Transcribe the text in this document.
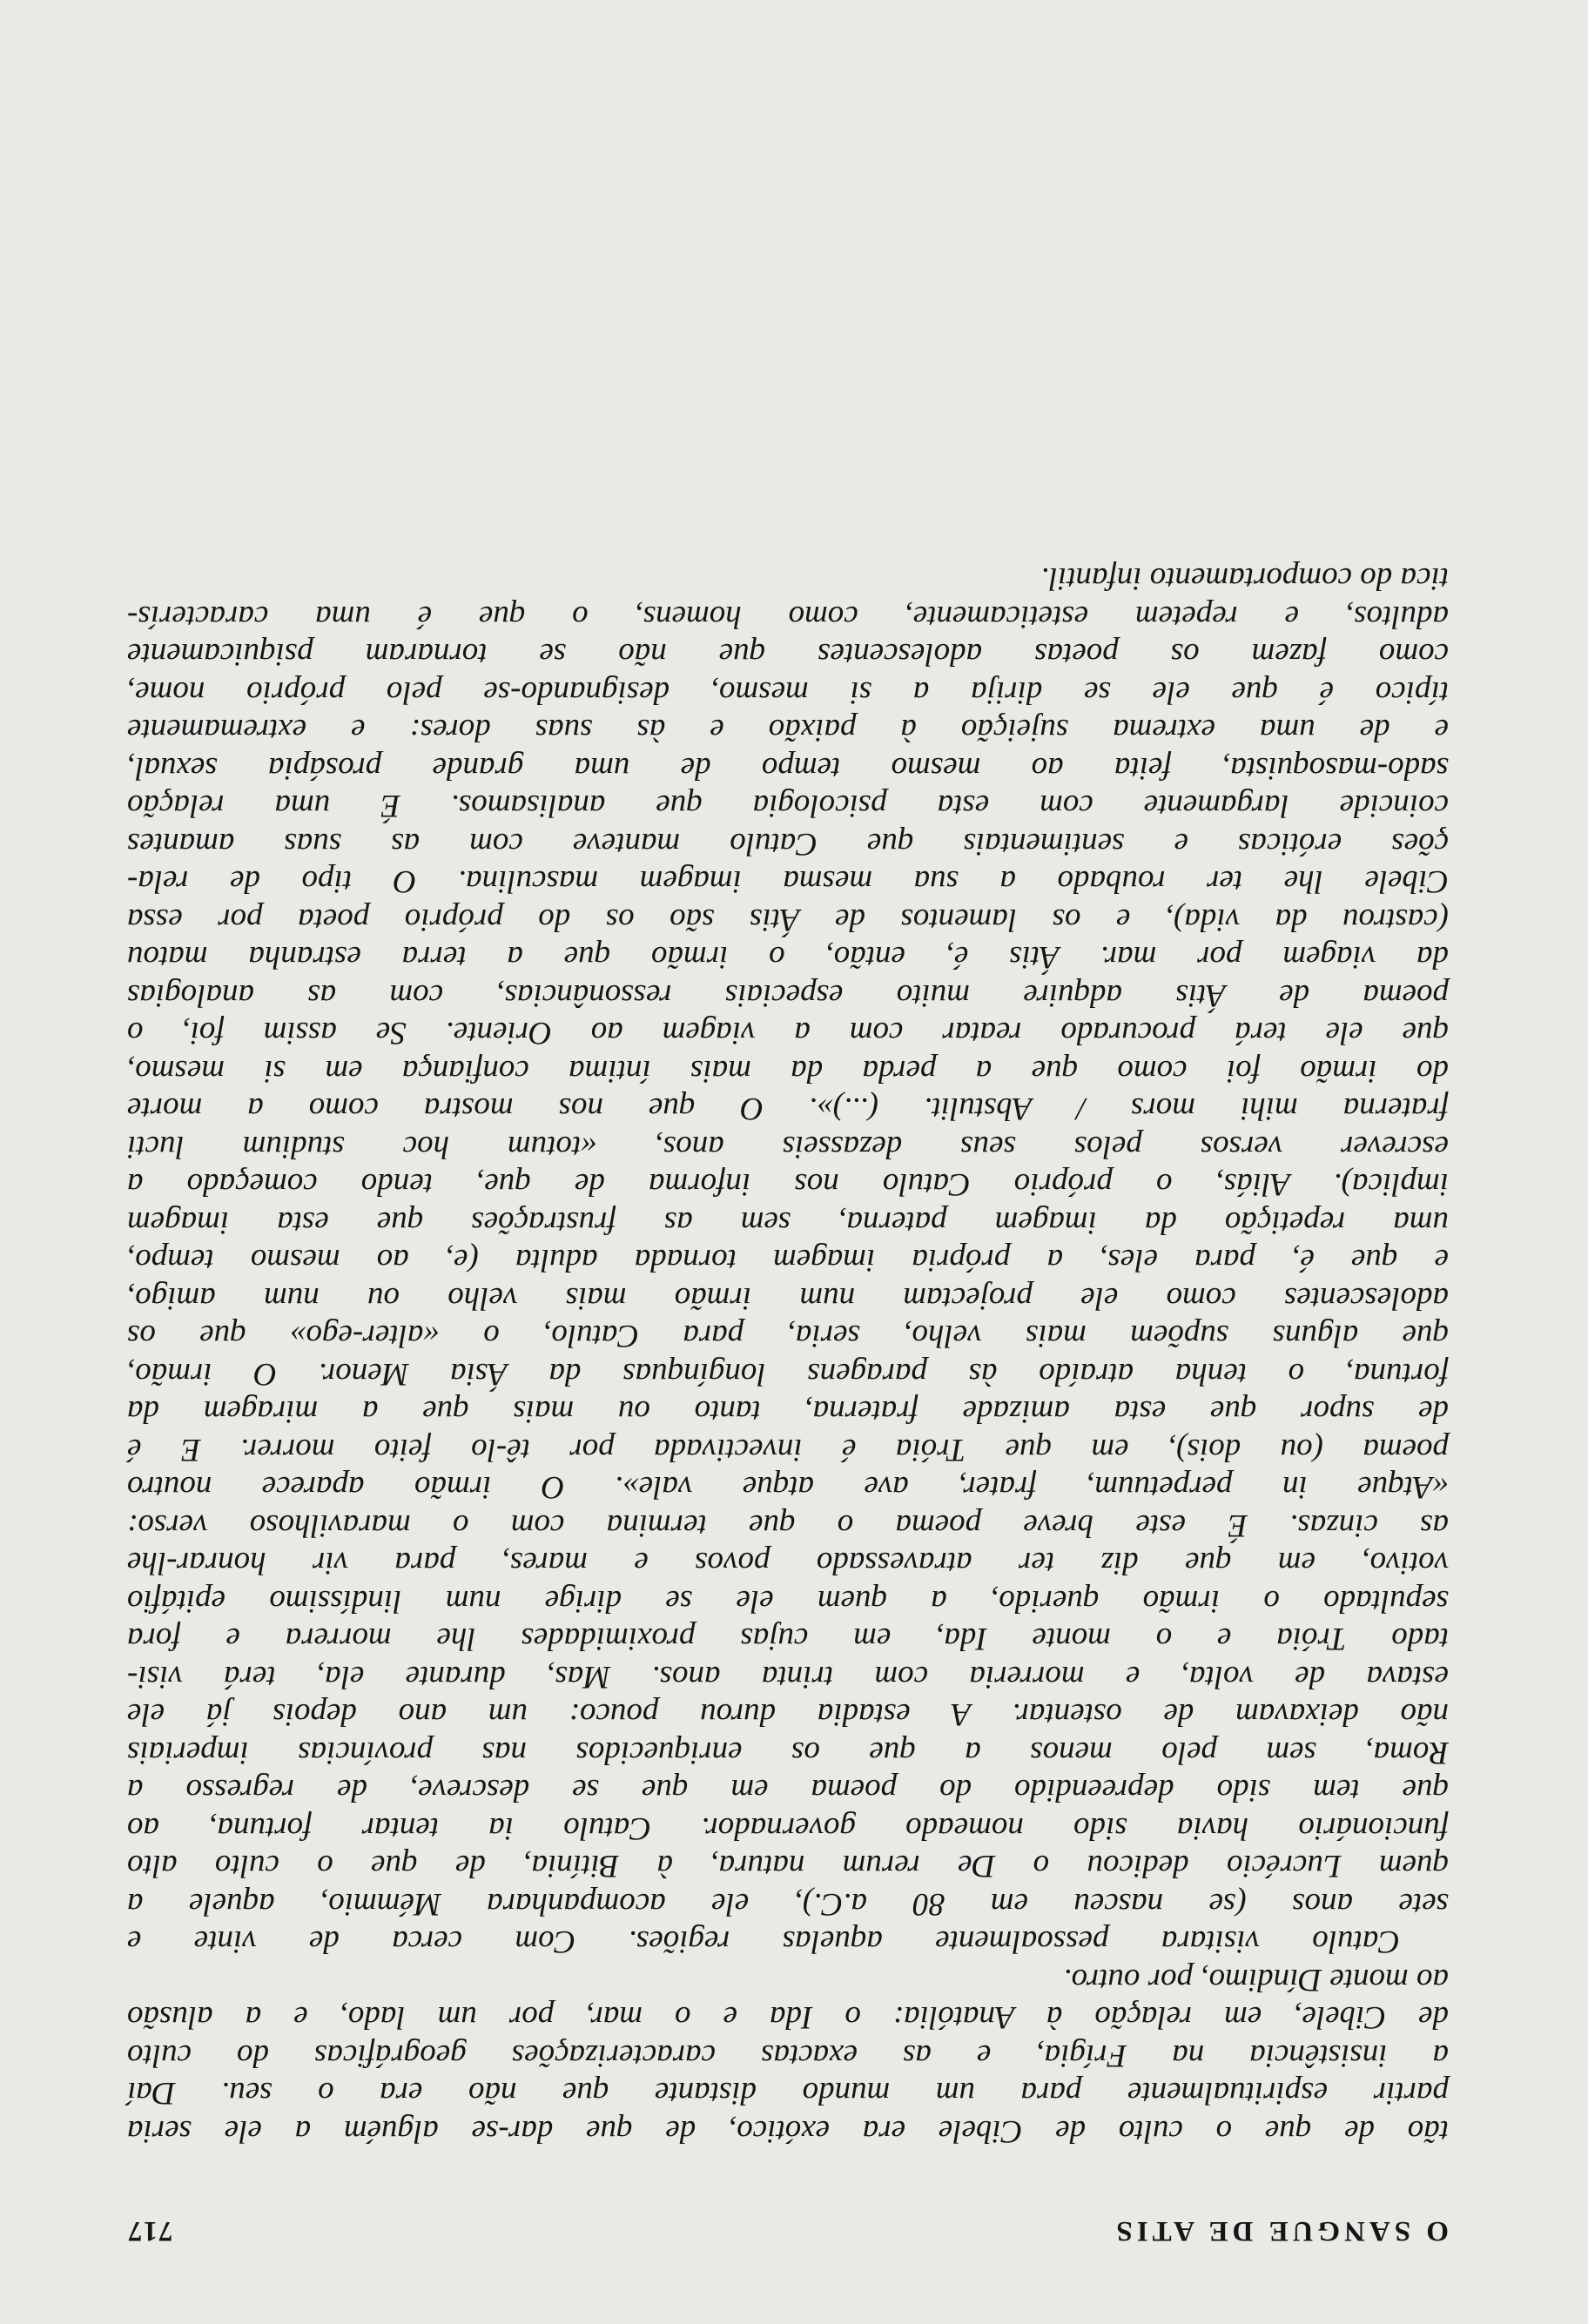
O SANGUE DE ATIS
717
tão de que o culto de Cibele era exótico, de que dar-se alguém a ele seria
partir espiritualmente para um mundo distante que não era o seu. Daí
a insistência na Frígia, e as exactas caracterizações geográficas do culto
de Cibele, em relação à Anatólia: o Ida e o mar, por um lado, e a alusão
ao monte Díndimo, por outro.
Catulo visitara pessoalmente aquelas regiões. Com cerca de vinte e
sete anos (se nasceu em 80 a.C.), ele acompanhara Mémmio, aquele a
quem Lucrécio dedicou o De rerum natura, à Bitínia, de que o culto alto
funcionário havia sido nomeado governador. Catulo ia tentar fortuna, ao
que tem sido depreendido do poema em que se descreve, de regresso a
Roma, sem pelo menos a que os enriquecidos nas províncias imperiais
não deixavam de ostentar. A estadia durou pouco: um ano depois já ele
estava de volta, e morreria com trinta anos. Mas, durante ela, terá visi-
tado Tróia e o monte Ida, em cujas proximidades lhe morrera e fora
sepultado o irmão querido, a quem ele se dirige num lindíssimo epitáfio
votivo, em que diz ter atravessado povos e mares, para vir honrar-lhe
as cinzas. É este breve poema o que termina com o maravilhoso verso:
«Atque in perpetuum, frater, ave atque vale». O irmão aparece noutro
poema (ou dois), em que Tróia é invectivada por tê-lo feito morrer. E é
de supor que esta amizade fraterna, tanto ou mais que a miragem da
fortuna, o tenha atraído às paragens longínquas da Ásia Menor. O irmão,
que alguns supõem mais velho, seria, para Catulo, o «alter-ego» que os
adolescentes como ele projectam num irmão mais velho ou num amigo,
e que é, para eles, a própria imagem tornada adulta (e, ao mesmo tempo,
uma repetição da imagem paterna, sem as frustrações que esta imagem
implica). Aliás, o próprio Catulo nos informa de que, tendo começado a
escrever versos pelos seus dezasseis anos, «totum hoc studium lucti
fraterna mihi mors / Abstulit. (...)». O que nos mostra como a morte
do irmão foi como que a perda da mais íntima confiança em si mesmo,
que ele terá procurado reatar com a viagem ao Oriente. Se assim foi, o
poema de Átis adquire muito especiais ressonâncias, com as analogias
da viagem por mar. Átis é, então, o irmão que a terra estranha matou
(castrou da vida), e os lamentos de Átis são os do próprio poeta por essa
Cibele lhe ter roubado a sua mesma imagem masculina. O tipo de rela-
ções eróticas e sentimentais que Catulo manteve com as suas amantes
coincide largamente com esta psicologia que analisamos. É uma relação
sado-masoquista, feita ao mesmo tempo de uma grande prosápia sexual,
e de uma extrema sujeição à paixão e às suas dores: e extremamente
típico é que ele se dirija a si mesmo, designando-se pelo próprio nome,
como fazem os poetas adolescentes que não se tornaram psiquicamente
adultos, e repetem esteticamente, como homens, o que é uma caracterís-
tica do comportamento infantil.
